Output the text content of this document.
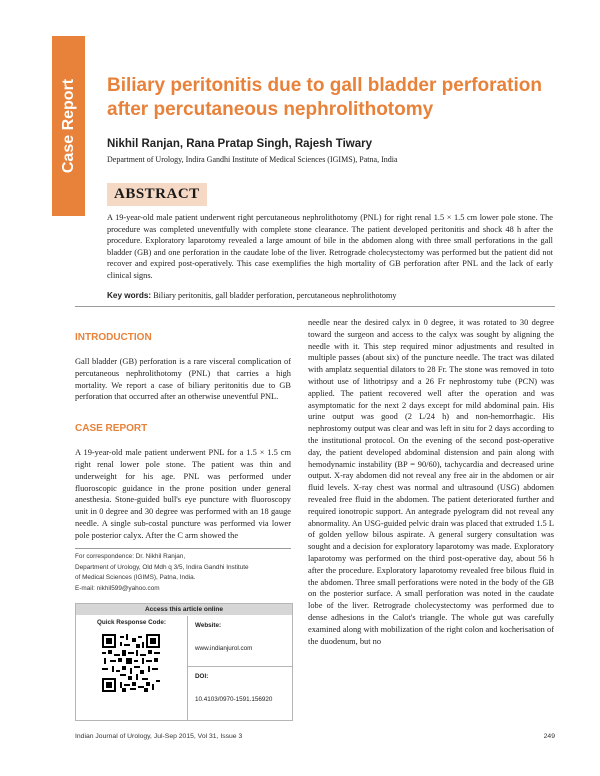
Case Report Biliary peritonitis due to gall bladder perforation after percutaneous nephrolithotomy
Nikhil Ranjan, Rana Pratap Singh, Rajesh Tiwary
Department of Urology, Indira Gandhi Institute of Medical Sciences (IGIMS), Patna, India
ABSTRACT

A 19-year-old male patient underwent right percutaneous nephrolithotomy (PNL) for right renal 1.5 × 1.5 cm lower pole stone. The procedure was completed uneventfully with complete stone clearance. The patient developed peritonitis and shock 48 h after the procedure. Exploratory laparotomy revealed a large amount of bile in the abdomen along with three small perforations in the gall bladder (GB) and one perforation in the caudate lobe of the liver. Retrograde cholecystectomy was performed but the patient did not recover and expired post-operatively. This case exemplifies the high mortality of GB perforation after PNL and the lack of early clinical signs.

Key words: Biliary peritonitis, gall bladder perforation, percutaneous nephrolithotomy
INTRODUCTION

Gall bladder (GB) perforation is a rare visceral complication of percutaneous nephrolithotomy (PNL) that carries a high mortality. We report a case of biliary peritonitis due to GB perforation that occurred after an otherwise uneventful PNL.

CASE REPORT

A 19-year-old male patient underwent PNL for a 1.5 × 1.5 cm right renal lower pole stone. The patient was thin and underweight for his age. PNL was performed under fluoroscopic guidance in the prone position under general anesthesia. Stone-guided bull's eye puncture with fluoroscopy unit in 0 degree and 30 degree was performed with an 18 gauge needle. A single sub-costal puncture was performed via lower pole posterior calyx. After the C arm showed the

needle near the desired calyx in 0 degree, it was rotated to 30 degree toward the surgeon and access to the calyx was sought by aligning the needle with it. This step required minor adjustments and resulted in multiple passes (about six) of the puncture needle. The tract was dilated with amplatz sequential dilators to 28 Fr. The stone was removed in toto without use of lithotripsy and a 26 Fr nephrostomy tube (PCN) was applied. The patient recovered well after the operation and was asymptomatic for the next 2 days except for mild abdominal pain. His urine output was good (2 L/24 h) and non-hemorrhagic. His nephrostomy output was clear and was left in situ for 2 days according to the institutional protocol. On the evening of the second post-operative day, the patient developed abdominal distension and pain along with hemodynamic instability (BP = 90/60), tachycardia and decreased urine output. X-ray abdomen did not reveal any free air in the abdomen or air fluid levels. X-ray chest was normal and ultrasound (USG) abdomen revealed free fluid in the abdomen. The patient deteriorated further and required ionotropic support. An antegrade pyelogram did not reveal any abnormality. An USG-guided pelvic drain was placed that extruded 1.5 L of golden yellow bilous aspirate. A general surgery consultation was sought and a decision for exploratory laparotomy was made. Exploratory laparotomy was performed on the third post-operative day, about 56 h after the procedure. Exploratory laparotomy revealed free bilous fluid in the abdomen. Three small perforations were noted in the body of the GB on the posterior surface. A small perforation was noted in the caudate lobe of the liver. Retrograde cholecystectomy was performed due to dense adhesions in the Calot's triangle. The whole gut was carefully examined along with mobilization of the right colon and kocherisation of the duodenum, but no

For correspondence: Dr. Nikhil Ranjan,
Department of Urology, Old Mdh q 3/5, Indira Gandhi Institute
of Medical Sciences (IGIMS), Patna, India.
E-mail: nikhil599@yahoo.com
Access this article online
Quick Response Code:	Website:
www.indianjurol.com
DOI:
10.4103/0970-1591.156920
Indian Journal of Urology, Jul-Sep 2015, Vol 31, Issue 3	249
